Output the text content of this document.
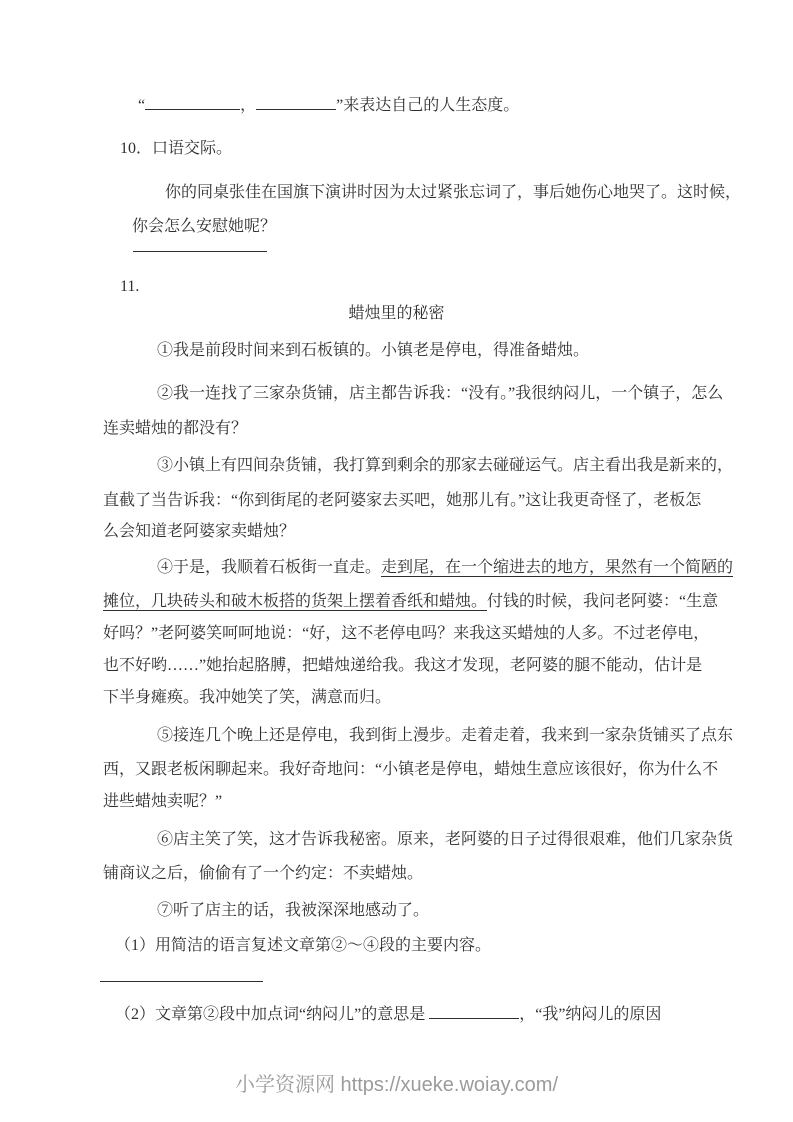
“	，	”来表达自己的人生态度。
10．口语交际。
你的同桌张佳在国旗下演讲时因为太过紧张忘词了，事后她伤心地哭了。这时候，
你会怎么安慰她呢？
11.
蜡烛里的秘密
①我是前段时间来到石板镇的。小镇老是停电，得准备蜡烛。
②我一连找了三家杂货铺，店主都告诉我：“没有。”我很纳闷儿，一个镇子，怎么
连卖蜡烛的都没有？
③小镇上有四间杂货铺，我打算到剩余的那家去碰碰运气。店主看出我是新来的，
直截了当告诉我：“你到街尾的老阿婆家去买吧，她那儿有。”这让我更奇怪了，老板怎
么会知道老阿婆家卖蜡烛？
④于是，我顺着石板街一直走。走到尾，在一个缩进去的地方，果然有一个简陋的
摊位，几块砖头和破木板搭的货架上摆着香纸和蜡烛。付钱的时候，我问老阿婆：“生意
好吗？”老阿婆笑呵呵地说：“好，这不老停电吗？来我这买蜡烛的人多。不过老停电，
也不好哟……”她抬起胳膊，把蜡烛递给我。我这才发现，老阿婆的腿不能动，估计是
下半身瘫痪。我冲她笑了笑，满意而归。
⑤接连几个晚上还是停电，我到街上漫步。走着走着，我来到一家杂货铺买了点东
西，又跟老板闲聊起来。我好奇地问：“小镇老是停电，蜡烛生意应该很好，你为什么不
进些蜡烛卖呢？”
⑥店主笑了笑，这才告诉我秘密。原来，老阿婆的日子过得很艰难，他们几家杂货
铺商议之后，偷偷有了一个约定：不卖蜡烛。
⑦听了店主的话，我被深深地感动了。
（1）用简洁的语言复述文章第②～④段的主要内容。
（2）文章第②段中加点词“纳闷儿”的意思是	，“我”纳闷儿的原因
小学资源网 https://xueke.woiay.com/
